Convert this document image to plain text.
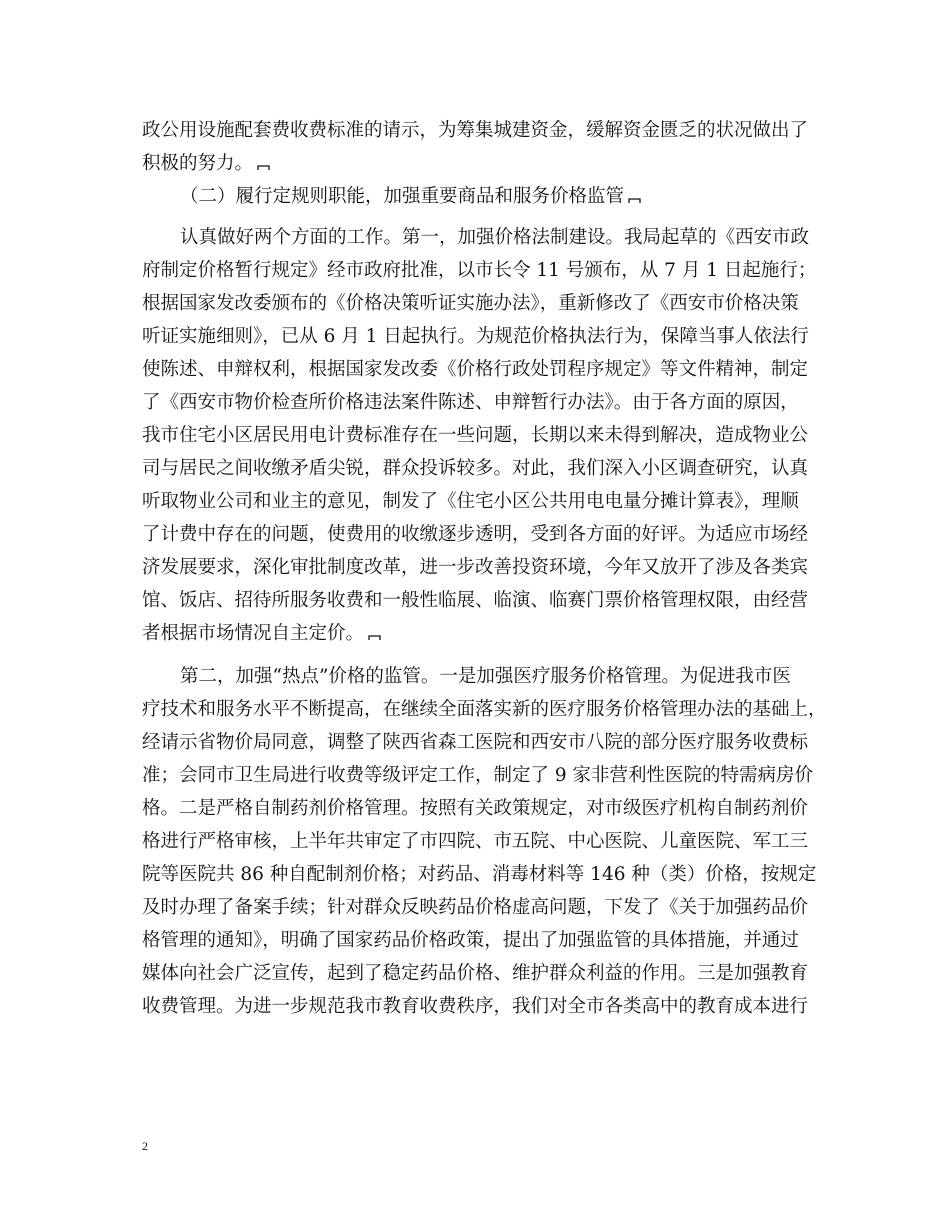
政公用设施配套费收费标准的请示，为筹集城建资金，缓解资金匮乏的状况做出了
积极的努力。
（二）履行定规则职能，加强重要商品和服务价格监管
认真做好两个方面的工作。第一，加强价格法制建设。我局起草的《西安市政
府制定价格暂行规定》经市政府批准，以市长令 11 号颁布，从 7 月 1 日起施行；
根据国家发改委颁布的《价格决策听证实施办法》，重新修改了《西安市价格决策
听证实施细则》，已从 6 月 1 日起执行。为规范价格执法行为，保障当事人依法行
使陈述、申辩权利，根据国家发改委《价格行政处罚程序规定》等文件精神，制定
了《西安市物价检查所价格违法案件陈述、申辩暂行办法》。由于各方面的原因，
我市住宅小区居民用电计费标准存在一些问题，长期以来未得到解决，造成物业公
司与居民之间收缴矛盾尖锐，群众投诉较多。对此，我们深入小区调查研究，认真
听取物业公司和业主的意见，制发了《住宅小区公共用电电量分摊计算表》，理顺
了计费中存在的问题，使费用的收缴逐步透明，受到各方面的好评。为适应市场经
济发展要求，深化审批制度改革，进一步改善投资环境，今年又放开了涉及各类宾
馆、饭店、招待所服务收费和一般性临展、临演、临赛门票价格管理权限，由经营
者根据市场情况自主定价。
第二，加强“热点”价格的监管。一是加强医疗服务价格管理。为促进我市医
疗技术和服务水平不断提高，在继续全面落实新的医疗服务价格管理办法的基础上，
经请示省物价局同意，调整了陕西省森工医院和西安市八院的部分医疗服务收费标
准；会同市卫生局进行收费等级评定工作，制定了 9 家非营利性医院的特需病房价
格。二是严格自制药剂价格管理。按照有关政策规定，对市级医疗机构自制药剂价
格进行严格审核，上半年共审定了市四院、市五院、中心医院、儿童医院、军工三
院等医院共 86 种自配制剂价格；对药品、消毒材料等 146 种（类）价格，按规定
及时办理了备案手续；针对群众反映药品价格虚高问题，下发了《关于加强药品价
格管理的通知》，明确了国家药品价格政策，提出了加强监管的具体措施，并通过
媒体向社会广泛宣传，起到了稳定药品价格、维护群众利益的作用。三是加强教育
收费管理。为进一步规范我市教育收费秩序，我们对全市各类高中的教育成本进行
2
